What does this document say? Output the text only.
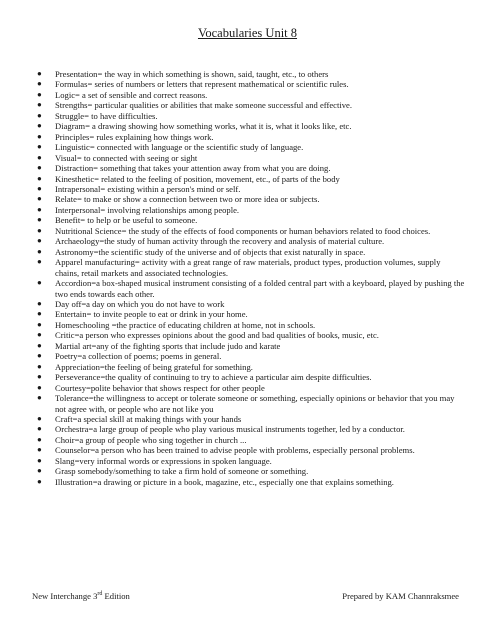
Vocabularies Unit 8
● Presentation= the way in which something is shown, said, taught, etc., to others
● Formulas= series of numbers or letters that represent mathematical or scientific rules.
● Logic= a set of sensible and correct reasons.
● Strengths= particular qualities or abilities that make someone successful and effective.
● Struggle= to have difficulties.
● Diagram= a drawing showing how something works, what it is, what it looks like, etc.
● Principles= rules explaining how things work.
● Linguistic= connected with language or the scientific study of language.
● Visual= to connected with seeing or sight
● Distraction= something that takes your attention away from what you are doing.
● Kinesthetic= related to the feeling of position, movement, etc., of parts of the body
● Intrapersonal= existing within a person's mind or self.
● Relate= to make or show a connection between two or more idea or subjects.
● Interpersonal= involving relationships among people.
● Benefit= to help or be useful to someone.
● Nutritional Science= the study of the effects of food components or human behaviors related to food choices.
● Archaeology=the study of human activity through the recovery and analysis of material culture.
● Astronomy=the scientific study of the universe and of objects that exist naturally in space.
● Apparel manufacturing= activity with a great range of raw materials, product types, production volumes, supply chains, retail markets and associated technologies.
● Accordion=a box-shaped musical instrument consisting of a folded central part with a keyboard, played by pushing the two ends towards each other.
● Day off=a day on which you do not have to work
● Entertain= to invite people to eat or drink in your home.
● Homeschooling =the practice of educating children at home, not in schools.
● Critic=a person who expresses opinions about the good and bad qualities of books, music, etc.
● Martial art=any of the fighting sports that include judo and karate
● Poetry=a collection of poems; poems in general.
● Appreciation=the feeling of being grateful for something.
● Perseverance=the quality of continuing to try to achieve a particular aim despite difficulties.
● Courtesy=polite behavior that shows respect for other people
● Tolerance=the willingness to accept or tolerate someone or something, especially opinions or behavior that you may not agree with, or people who are not like you
● Craft=a special skill at making things with your hands
● Orchestra=a large group of people who play various musical instruments together, led by a conductor.
● Choir=a group of people who sing together in church ...
● Counselor=a person who has been trained to advise people with problems, especially personal problems.
● Slang=very informal words or expressions in spoken language.
● Grasp somebody/something to take a firm hold of someone or something.
● Illustration=a drawing or picture in a book, magazine, etc., especially one that explains something.
New Interchange 3rd Edition	Prepared by KAM Channraksmee
